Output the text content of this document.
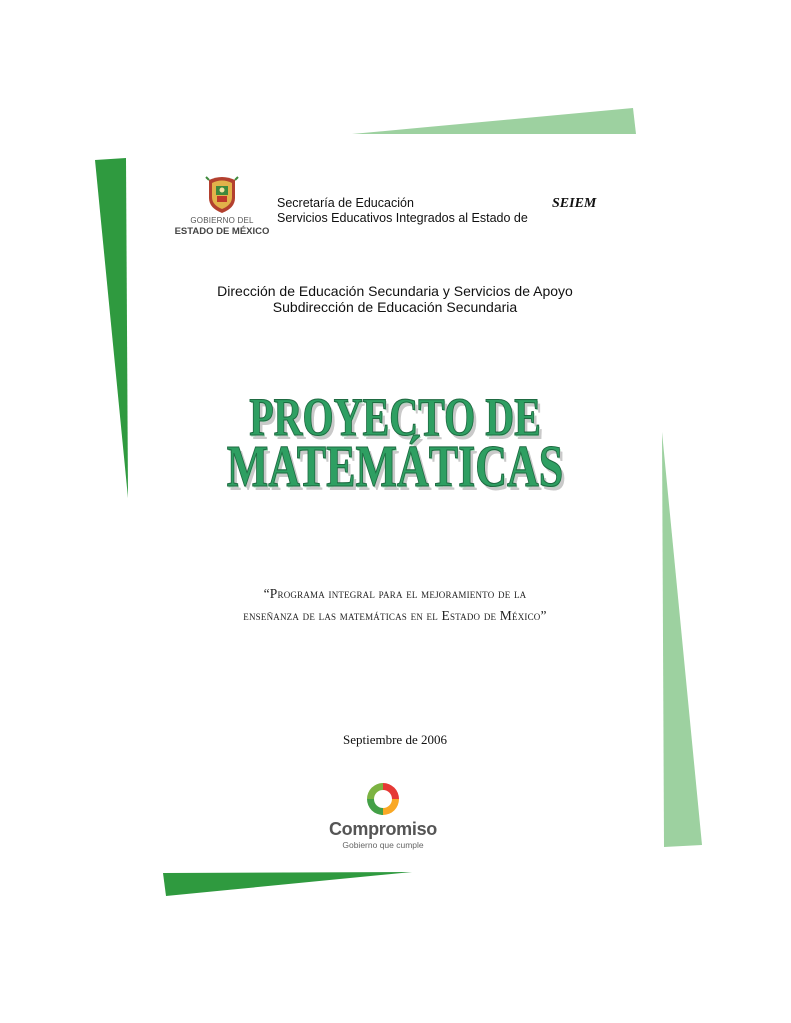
GOBIERNO DEL
ESTADO DE MÉXICO
Secretaría de Educación
Servicios Educativos Integrados al Estado de
SEIEM
Dirección de Educación Secundaria y Servicios de Apoyo
Subdirección de Educación Secundaria
PROYECTO DE
MATEMÁTICAS
“Programa integral para el mejoramiento de la
enseñanza de las matemáticas en el Estado de México”
Septiembre de 2006
Compromiso
Gobierno que cumple
